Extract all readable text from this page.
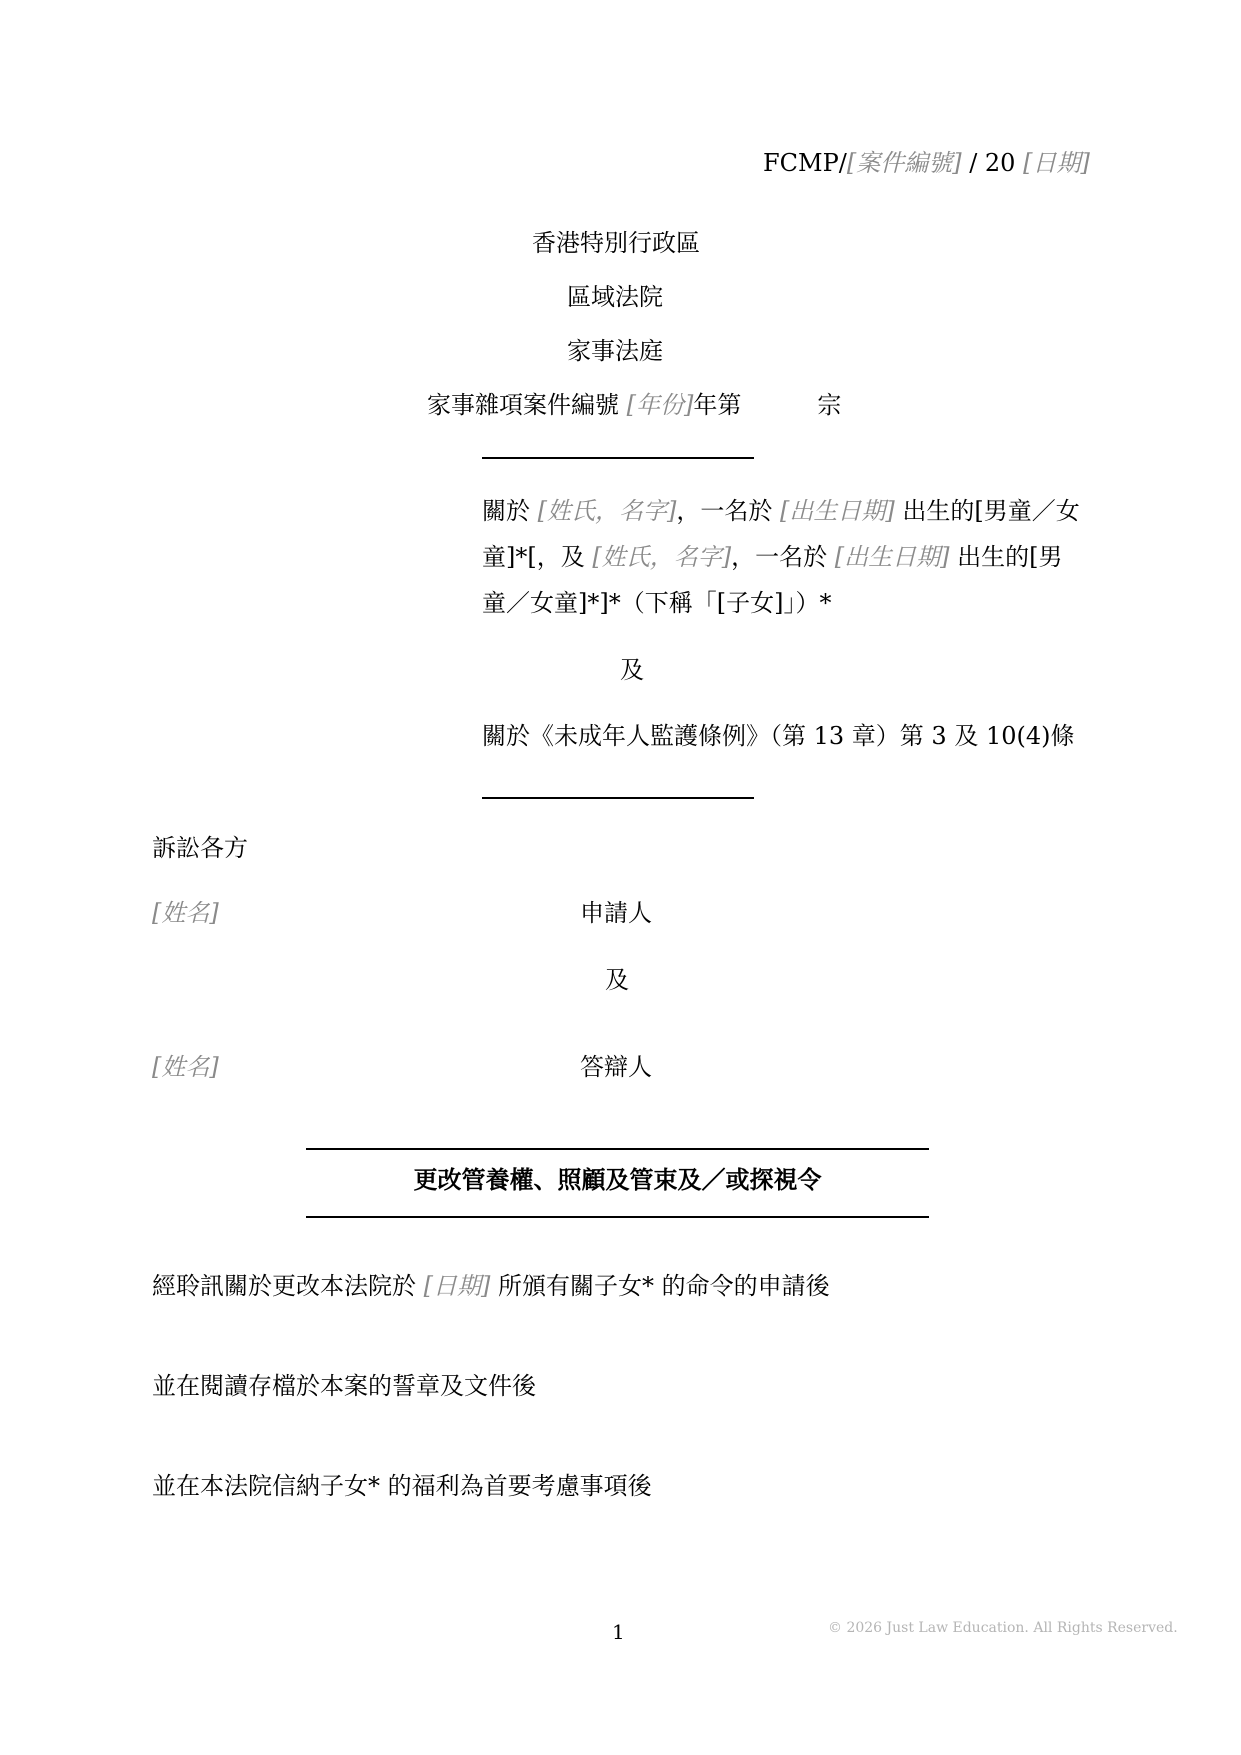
FCMP/[案件編號] / 20 [日期]
香港特別行政區
區域法院
家事法庭
家事雜項案件編號 [年份]年第	宗
關於 [姓氏，名字]，一名於 [出生日期] 出生的[男童／女童]*[，及 [姓氏，名字]，一名於 [出生日期] 出生的[男童／女童]*]*（下稱「[子女]」）*
及
關於《未成年人監護條例》（第 13 章）第 3 及 10(4)條
訴訟各方
[姓名]	申請人
及
[姓名]	答辯人
更改管養權、照顧及管束及／或探視令
經聆訊關於更改本法院於 [日期] 所頒有關子女* 的命令的申請後
並在閱讀存檔於本案的誓章及文件後
並在本法院信納子女* 的福利為首要考慮事項後
1	© 2026 Just Law Education. All Rights Reserved.
